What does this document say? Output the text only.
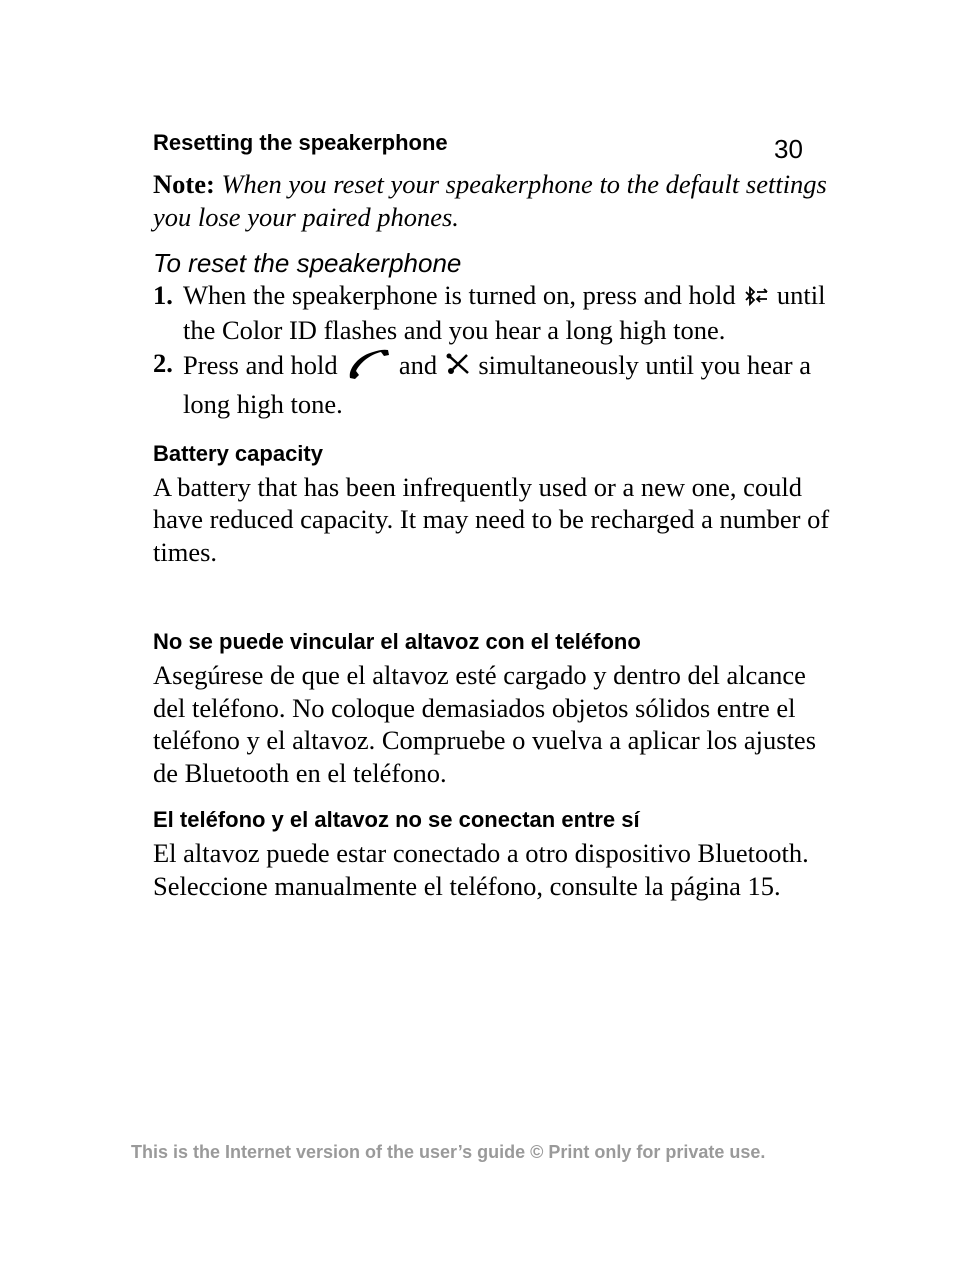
30
Resetting the speakerphone

Note: When you reset your speakerphone to the default settings you lose your paired phones.

To reset the speakerphone
1. When the speakerphone is turned on, press and hold until the Color ID flashes and you hear a long high tone.
2. Press and hold and simultaneously until you hear a long high tone.
Battery capacity

A battery that has been infrequently used or a new one, could have reduced capacity. It may need to be recharged a number of times.

No se puede vincular el altavoz con el teléfono

Asegúrese de que el altavoz esté cargado y dentro del alcance del teléfono. No coloque demasiados objetos sólidos entre el teléfono y el altavoz. Compruebe o vuelva a aplicar los ajustes de Bluetooth en el teléfono.

El teléfono y el altavoz no se conectan entre sí

El altavoz puede estar conectado a otro dispositivo Bluetooth. Seleccione manualmente el teléfono, consulte la página 15.

This is the Internet version of the user’s guide © Print only for private use.
